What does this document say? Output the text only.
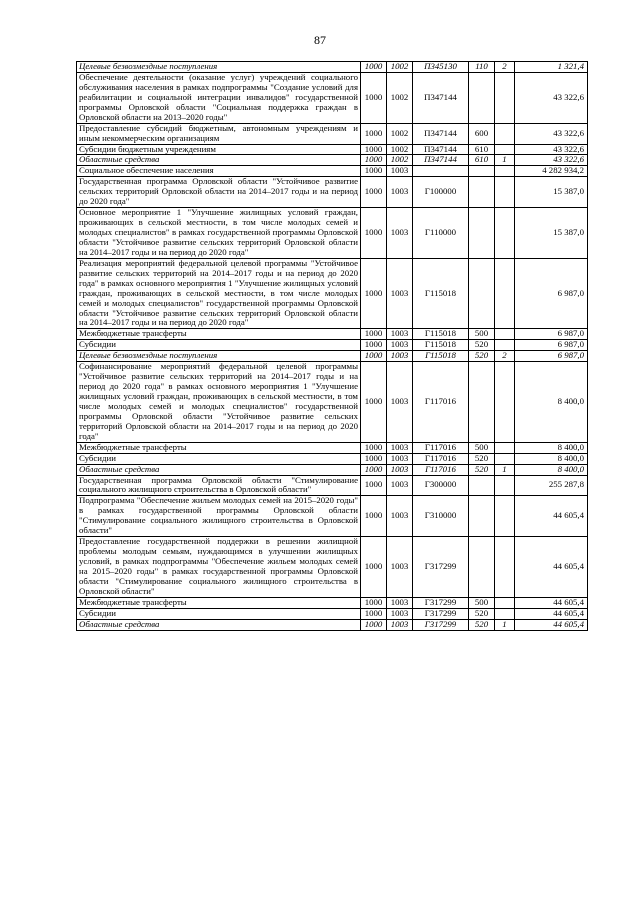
87
Целевые безвозмездные поступления	1000	1002	П345130	110	2	1 321,4
Обеспечение деятельности (оказание услуг) учреждений социального обслуживания населения в рамках подпрограммы "Создание условий для реабилитации и социальной интеграции инвалидов" государственной программы Орловской области "Социальная поддержка граждан в Орловской области на 2013–2020 годы"	1000	1002	П347144			43 322,6
Предоставление субсидий бюджетным, автономным учреждениям и иным некоммерческим организациям	1000	1002	П347144	600		43 322,6
Субсидии бюджетным учреждениям	1000	1002	П347144	610		43 322,6
Областные средства	1000	1002	П347144	610	1	43 322,6
Социальное обеспечение населения	1000	1003				4 282 934,2
Государственная программа Орловской области "Устойчивое развитие сельских территорий Орловской области на 2014–2017 годы и на период до 2020 года"	1000	1003	Г100000			15 387,0
Основное мероприятие 1 "Улучшение жилищных условий граждан, проживающих в сельской местности, в том числе молодых семей и молодых специалистов" в рамках государственной программы Орловской области "Устойчивое развитие сельских территорий Орловской области на 2014–2017 годы и на период до 2020 года"	1000	1003	Г110000			15 387,0
Реализация мероприятий федеральной целевой программы "Устойчивое развитие сельских территорий на 2014–2017 годы и на период до 2020 года" в рамках основного мероприятия 1 "Улучшение жилищных условий граждан, проживающих в сельской местности, в том числе молодых семей и молодых специалистов" государственной программы Орловской области "Устойчивое развитие сельских территорий Орловской области на 2014–2017 годы и на период до 2020 года"	1000	1003	Г115018			6 987,0
Межбюджетные трансферты	1000	1003	Г115018	500		6 987,0
Субсидии	1000	1003	Г115018	520		6 987,0
Целевые безвозмездные поступления	1000	1003	Г115018	520	2	6 987,0
Софинансирование мероприятий федеральной целевой программы "Устойчивое развитие сельских территорий на 2014–2017 годы и на период до 2020 года" в рамках основного мероприятия 1 "Улучшение жилищных условий граждан, проживающих в сельской местности, в том числе молодых семей и молодых специалистов" государственной программы Орловской области "Устойчивое развитие сельских территорий Орловской области на 2014–2017 годы и на период до 2020 года"	1000	1003	Г117016			8 400,0
Межбюджетные трансферты	1000	1003	Г117016	500		8 400,0
Субсидии	1000	1003	Г117016	520		8 400,0
Областные средства	1000	1003	Г117016	520	1	8 400,0
Государственная программа Орловской области "Стимулирование социального жилищного строительства в Орловской области"	1000	1003	Г300000			255 287,8
Подпрограмма "Обеспечение жильем молодых семей на 2015–2020 годы" в рамках государственной программы Орловской области "Стимулирование социального жилищного строительства в Орловской области"	1000	1003	Г310000			44 605,4
Предоставление государственной поддержки в решении жилищной проблемы молодым семьям, нуждающимся в улучшении жилищных условий, в рамках подпрограммы "Обеспечение жильем молодых семей на 2015–2020 годы" в рамках государственной программы Орловской области "Стимулирование социального жилищного строительства в Орловской области"	1000	1003	Г317299			44 605,4
Межбюджетные трансферты	1000	1003	Г317299	500		44 605,4
Субсидии	1000	1003	Г317299	520		44 605,4
Областные средства	1000	1003	Г317299	520	1	44 605,4
